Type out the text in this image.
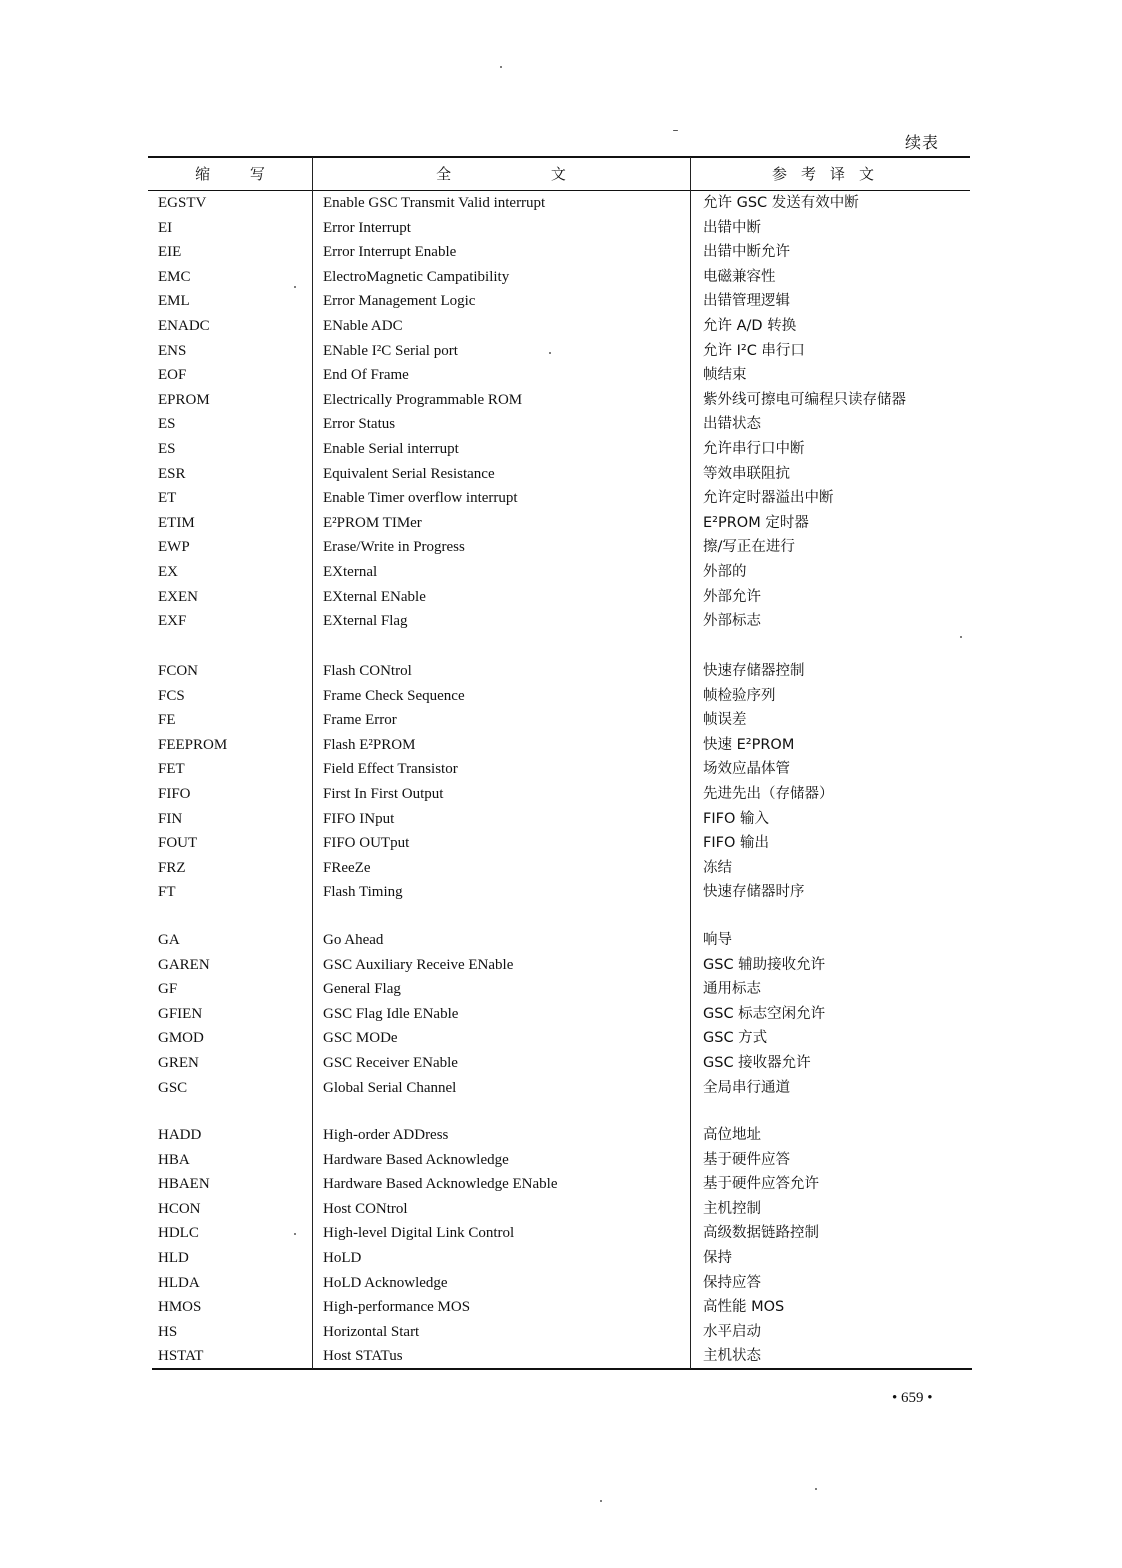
续表
缩 写	全 文	参考译文
EGSTV	Enable GSC Transmit Valid interrupt	允许 GSC 发送有效中断
EI	Error Interrupt	出错中断
EIE	Error Interrupt Enable	出错中断允许
EMC	ElectroMagnetic Campatibility	电磁兼容性
EML	Error Management Logic	出错管理逻辑
ENADC	ENable ADC	允许 A/D 转换
ENS	ENable I²C Serial port	允许 I²C 串行口
EOF	End Of Frame	帧结束
EPROM	Electrically Programmable ROM	紫外线可擦电可编程只读存储器
ES	Error Status	出错状态
ES	Enable Serial interrupt	允许串行口中断
ESR	Equivalent Serial Resistance	等效串联阻抗
ET	Enable Timer overflow interrupt	允许定时器溢出中断
ETIM	E²PROM TIMer	E²PROM 定时器
EWP	Erase/Write in Progress	擦/写正在进行
EX	EXternal	外部的
EXEN	EXternal ENable	外部允许
EXF	EXternal Flag	外部标志
FCON	Flash CONtrol	快速存储器控制
FCS	Frame Check Sequence	帧检验序列
FE	Frame Error	帧误差
FEEPROM	Flash E²PROM	快速 E²PROM
FET	Field Effect Transistor	场效应晶体管
FIFO	First In First Output	先进先出（存储器）
FIN	FIFO INput	FIFO 输入
FOUT	FIFO OUTput	FIFO 输出
FRZ	FReeZe	冻结
FT	Flash Timing	快速存储器时序
GA	Go Ahead	响导
GAREN	GSC Auxiliary Receive ENable	GSC 辅助接收允许
GF	General Flag	通用标志
GFIEN	GSC Flag Idle ENable	GSC 标志空闲允许
GMOD	GSC MODe	GSC 方式
GREN	GSC Receiver ENable	GSC 接收器允许
GSC	Global Serial Channel	全局串行通道
HADD	High-order ADDress	高位地址
HBA	Hardware Based Acknowledge	基于硬件应答
HBAEN	Hardware Based Acknowledge ENable	基于硬件应答允许
HCON	Host CONtrol	主机控制
HDLC	High-level Digital Link Control	高级数据链路控制
HLD	HoLD	保持
HLDA	HoLD Acknowledge	保持应答
HMOS	High-performance MOS	高性能 MOS
HS	Horizontal Start	水平启动
HSTAT	Host STATus	主机状态
• 659 •
